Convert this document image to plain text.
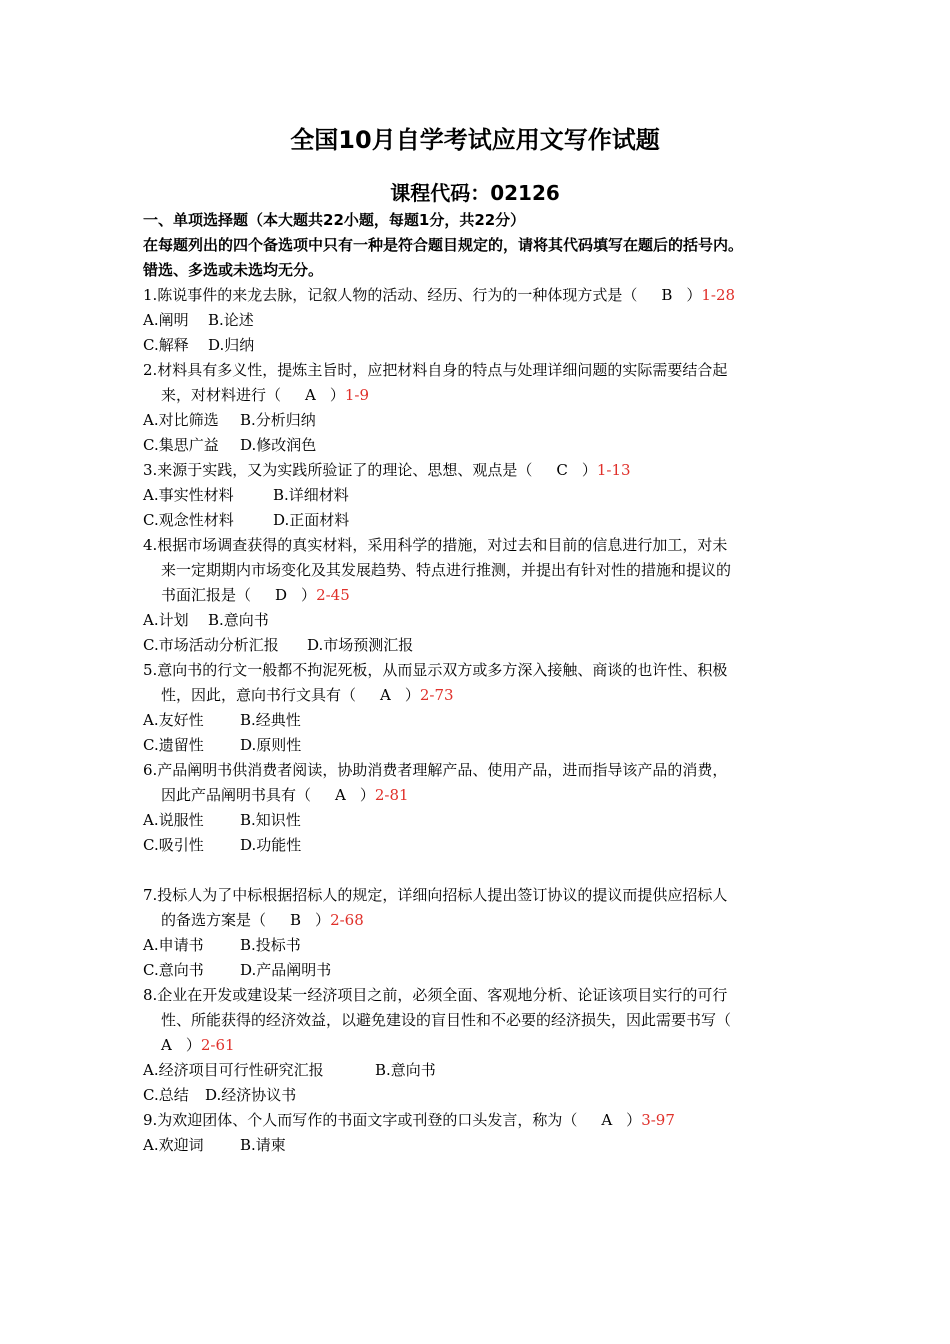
全国10月自学考试应用文写作试题
课程代码：02126
一、单项选择题（本大题共22小题，每题1分，共22分）
在每题列出的四个备选项中只有一种是符合题目规定的，请将其代码填写在题后的括号内。
错选、多选或未选均无分。
1.陈说事件的来龙去脉，记叙人物的活动、经历、行为的一种体现方式是（ B ）1-28
A.阐明 B.论述
C.解释 D.归纳
2.材料具有多义性，提炼主旨时，应把材料自身的特点与处理详细问题的实际需要结合起
来，对材料进行（ A ）1-9
A.对比筛选 B.分析归纳
C.集思广益 D.修改润色
3.来源于实践，又为实践所验证了的理论、思想、观点是（ C ）1-13
A.事实性材料	B.详细材料
C.观念性材料	D.正面材料
4.根据市场调查获得的真实材料，采用科学的措施，对过去和目前的信息进行加工，对未
来一定期期内市场变化及其发展趋势、特点进行推测，并提出有针对性的措施和提议的
书面汇报是（ D ）2-45
A.计划 B.意向书
C.市场活动分析汇报 D.市场预测汇报
5.意向书的行文一般都不拘泥死板，从而显示双方或多方深入接触、商谈的也许性、积极
性，因此，意向书行文具有（ A ）2-73
A.友好性 B.经典性
C.遗留性 D.原则性
6.产品阐明书供消费者阅读，协助消费者理解产品、使用产品，进而指导该产品的消费，
因此产品阐明书具有（ A ）2-81
A.说服性 B.知识性
C.吸引性 D.功能性
7.投标人为了中标根据招标人的规定，详细向招标人提出签订协议的提议而提供应招标人
的备选方案是（ B ）2-68
A.申请书 B.投标书
C.意向书 D.产品阐明书
8.企业在开发或建设某一经济项目之前，必须全面、客观地分析、论证该项目实行的可行
性、所能获得的经济效益，以避免建设的盲目性和不必要的经济损失，因此需要书写（
A ）2-61
A.经济项目可行性研究汇报	B.意向书
C.总结 D.经济协议书
9.为欢迎团体、个人而写作的书面文字或刊登的口头发言，称为（ A ）3-97
A.欢迎词 B.请柬
